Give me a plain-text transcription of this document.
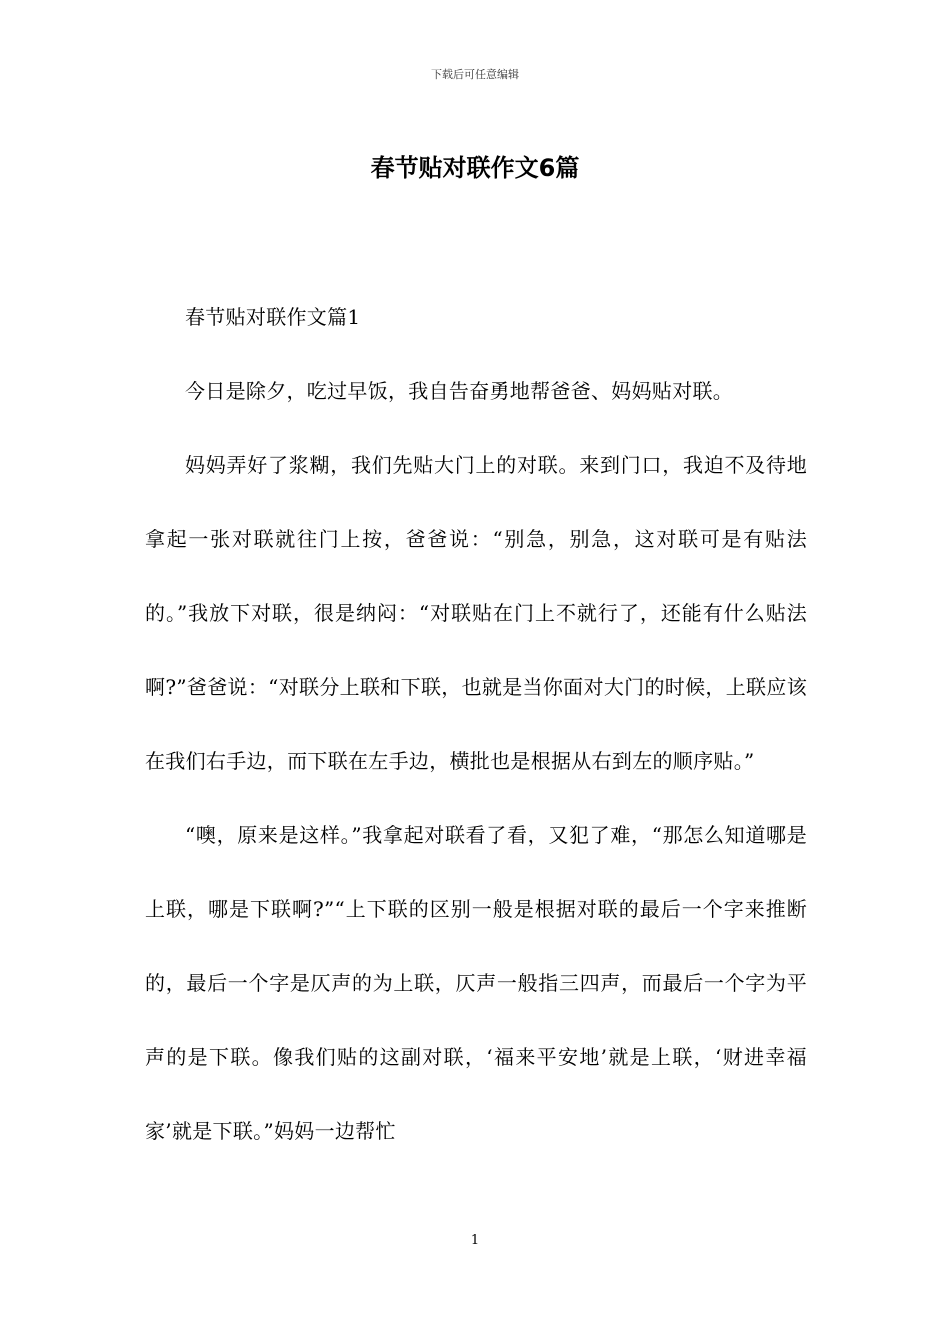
下载后可任意编辑
春节贴对联作文6篇

春节贴对联作文篇1

今日是除夕，吃过早饭，我自告奋勇地帮爸爸、妈妈贴对联。

妈妈弄好了浆糊，我们先贴大门上的对联。来到门口，我迫不及待地拿起一张对联就往门上按，爸爸说：“别急，别急，这对联可是有贴法的。”我放下对联，很是纳闷：“对联贴在门上不就行了，还能有什么贴法啊?”爸爸说：“对联分上联和下联，也就是当你面对大门的时候，上联应该在我们右手边，而下联在左手边，横批也是根据从右到左的顺序贴。”

“噢，原来是这样。”我拿起对联看了看，又犯了难，“那怎么知道哪是上联，哪是下联啊?”“上下联的区别一般是根据对联的最后一个字来推断的，最后一个字是仄声的为上联，仄声一般指三四声，而最后一个字为平声的是下联。像我们贴的这副对联，‘福来平安地’就是上联，‘财进幸福家’就是下联。”妈妈一边帮忙

1
